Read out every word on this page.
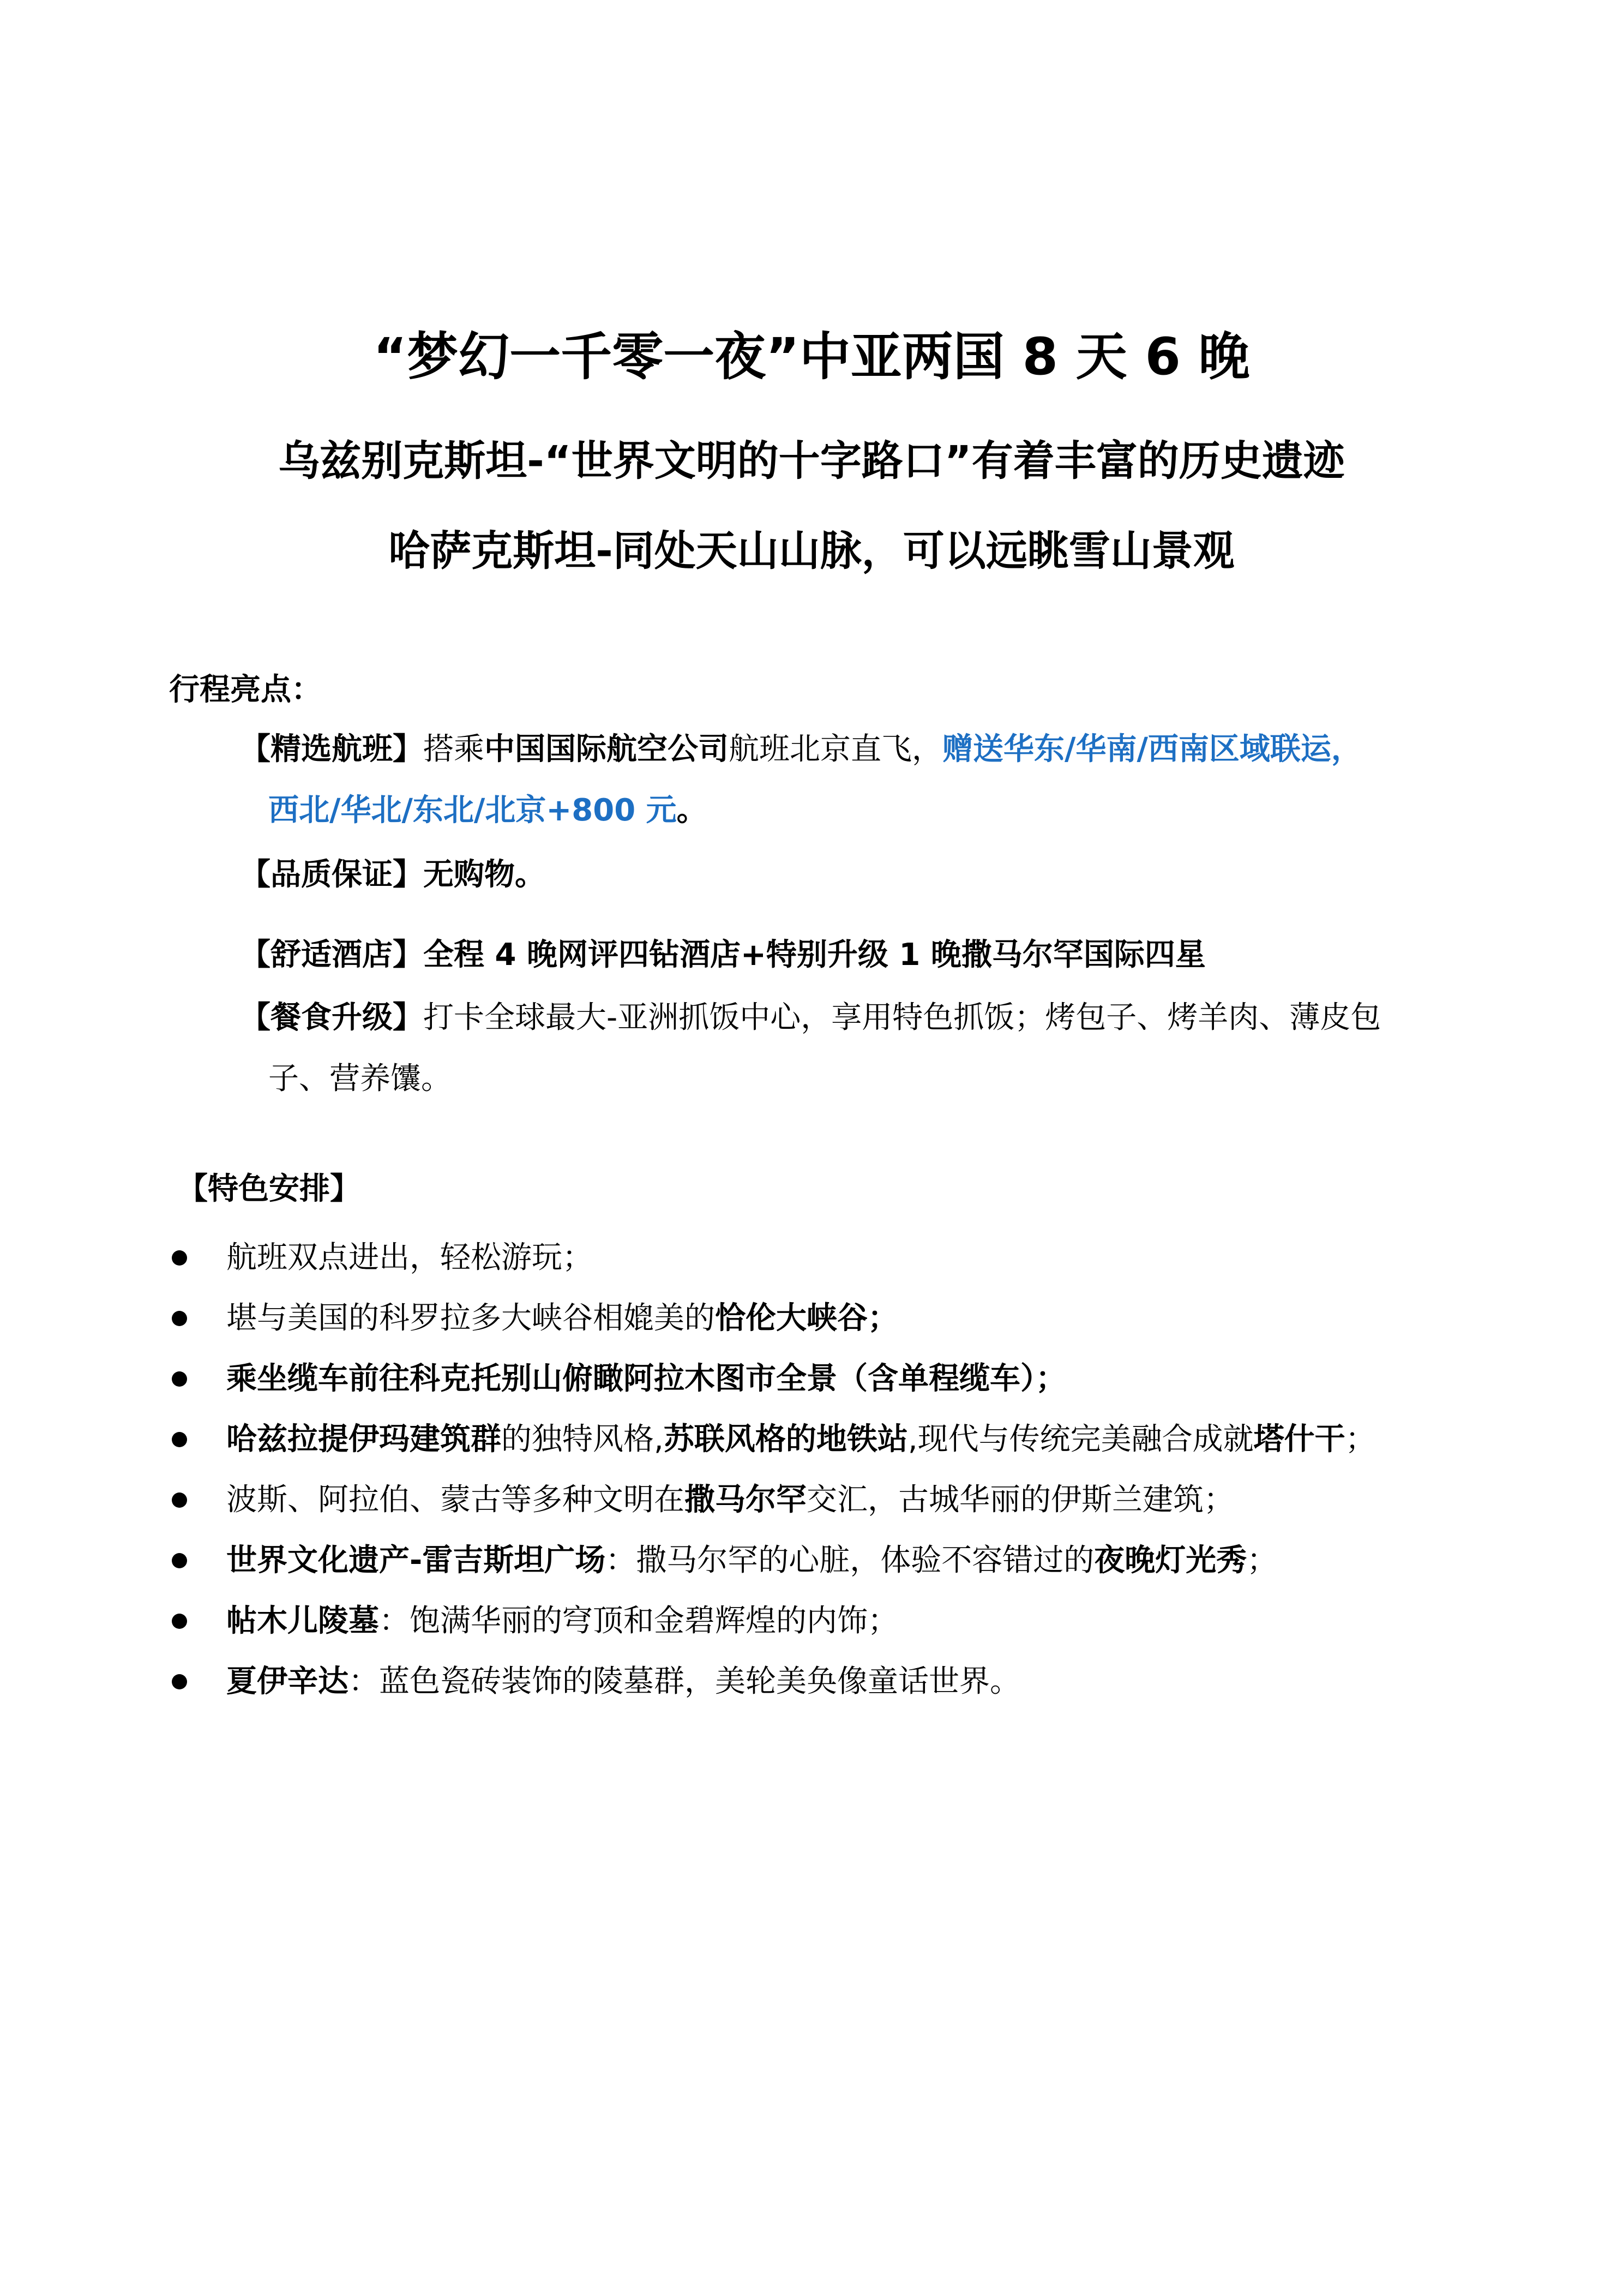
“梦幻一千零一夜”中亚两国 8 天 6 晚
乌兹别克斯坦-“世界文明的十字路口”有着丰富的历史遗迹
哈萨克斯坦-同处天山山脉，可以远眺雪山景观
行程亮点：
【精选航班】搭乘中国国际航空公司航班北京直飞，赠送华东/华南/西南区域联运，
西北/华北/东北/北京+800 元。
【品质保证】无购物。
【舒适酒店】全程 4 晚网评四钻酒店+特别升级 1 晚撒马尔罕国际四星
【餐食升级】打卡全球最大-亚洲抓饭中心，享用特色抓饭；烤包子、烤羊肉、薄皮包
子、营养馕。
【特色安排】
航班双点进出，轻松游玩；
堪与美国的科罗拉多大峡谷相媲美的恰伦大峡谷；
乘坐缆车前往科克托别山俯瞰阿拉木图市全景（含单程缆车）；
哈兹拉提伊玛建筑群的独特风格,苏联风格的地铁站,现代与传统完美融合成就塔什干；
波斯、阿拉伯、蒙古等多种文明在撒马尔罕交汇，古城华丽的伊斯兰建筑；
世界文化遗产-雷吉斯坦广场：撒马尔罕的心脏，体验不容错过的夜晚灯光秀；
帖木儿陵墓：饱满华丽的穹顶和金碧辉煌的内饰；
夏伊辛达：蓝色瓷砖装饰的陵墓群，美轮美奂像童话世界。
